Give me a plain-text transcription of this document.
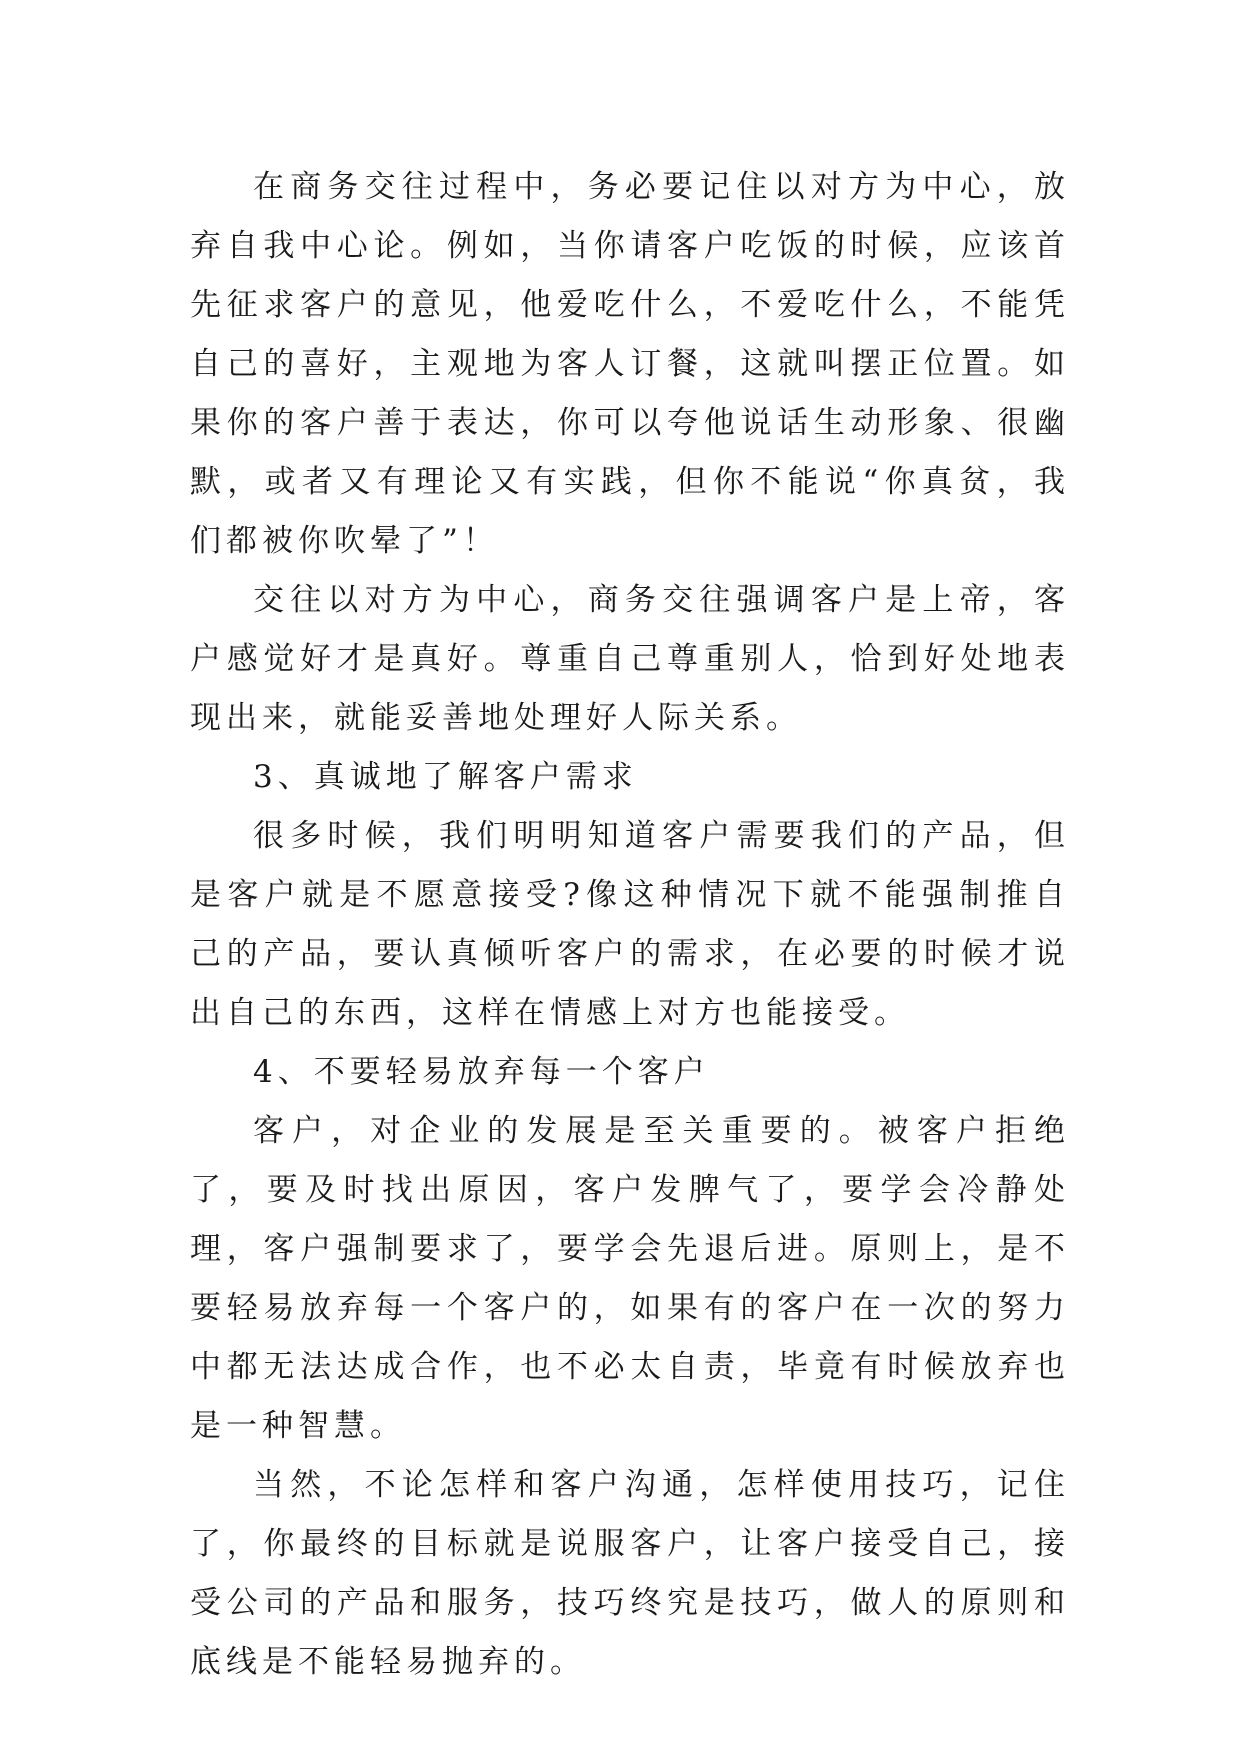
在商务交往过程中，务必要记住以对方为中心，放弃自我中心论。例如，当你请客户吃饭的时候，应该首先征求客户的意见，他爱吃什么，不爱吃什么，不能凭自己的喜好，主观地为客人订餐，这就叫摆正位置。如果你的客户善于表达，你可以夸他说话生动形象、很幽默，或者又有理论又有实践，但你不能说“你真贫，我们都被你吹晕了”！

交往以对方为中心，商务交往强调客户是上帝，客户感觉好才是真好。尊重自己尊重别人，恰到好处地表现出来，就能妥善地处理好人际关系。

3、真诚地了解客户需求

很多时候，我们明明知道客户需要我们的产品，但是客户就是不愿意接受?像这种情况下就不能强制推自己的产品，要认真倾听客户的需求，在必要的时候才说出自己的东西，这样在情感上对方也能接受。

4、不要轻易放弃每一个客户

客户，对企业的发展是至关重要的。被客户拒绝了，要及时找出原因，客户发脾气了，要学会冷静处理，客户强制要求了，要学会先退后进。原则上，是不要轻易放弃每一个客户的，如果有的客户在一次的努力中都无法达成合作，也不必太自责，毕竟有时候放弃也是一种智慧。

当然，不论怎样和客户沟通，怎样使用技巧，记住了，你最终的目标就是说服客户，让客户接受自己，接受公司的产品和服务，技巧终究是技巧，做人的原则和底线是不能轻易抛弃的。
